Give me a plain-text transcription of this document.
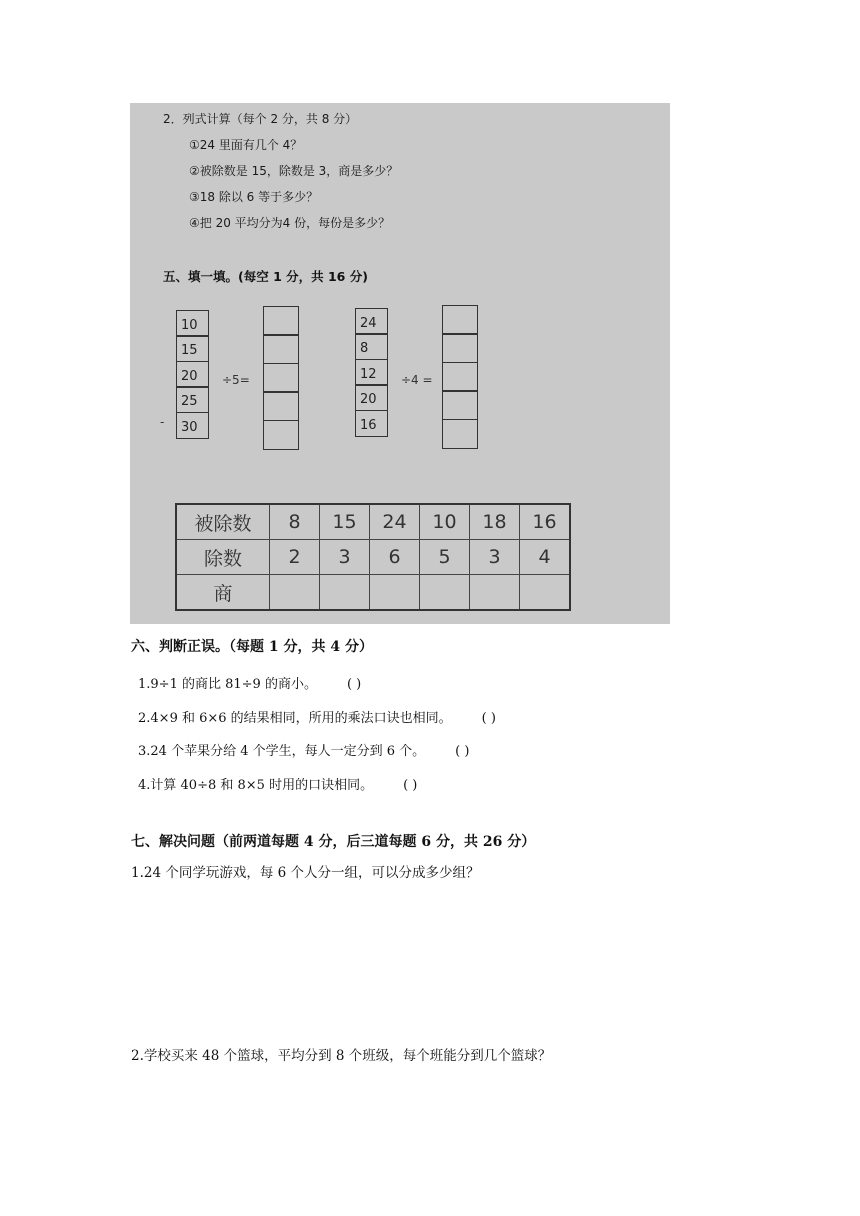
2．列式计算（每个 2 分，共 8 分）
①24 里面有几个 4？
②被除数是 15，除数是 3，商是多少？
③18 除以 6 等于多少？
④把 20 平均分为4 份，每份是多少？
五、填一填。(每空 1 分，共 16 分)
10
15
20
25
30
÷5=
-
24
8
12
20
16
÷4 =
被除数	8	15	24	10	18	16
除数	2	3	6	5	3	4
商						
六、判断正误。（每题 1 分，共 4 分）
1.9÷1 的商比 81÷9 的商小。 ( )
2.4×9 和 6×6 的结果相同，所用的乘法口诀也相同。 ( )
3.24 个苹果分给 4 个学生，每人一定分到 6 个。 ( )
4.计算 40÷8 和 8×5 时用的口诀相同。 ( )
七、解决问题（前两道每题 4 分，后三道每题 6 分，共 26 分）
1.24 个同学玩游戏，每 6 个人分一组，可以分成多少组？
2.学校买来 48 个篮球，平均分到 8 个班级，每个班能分到几个篮球？
